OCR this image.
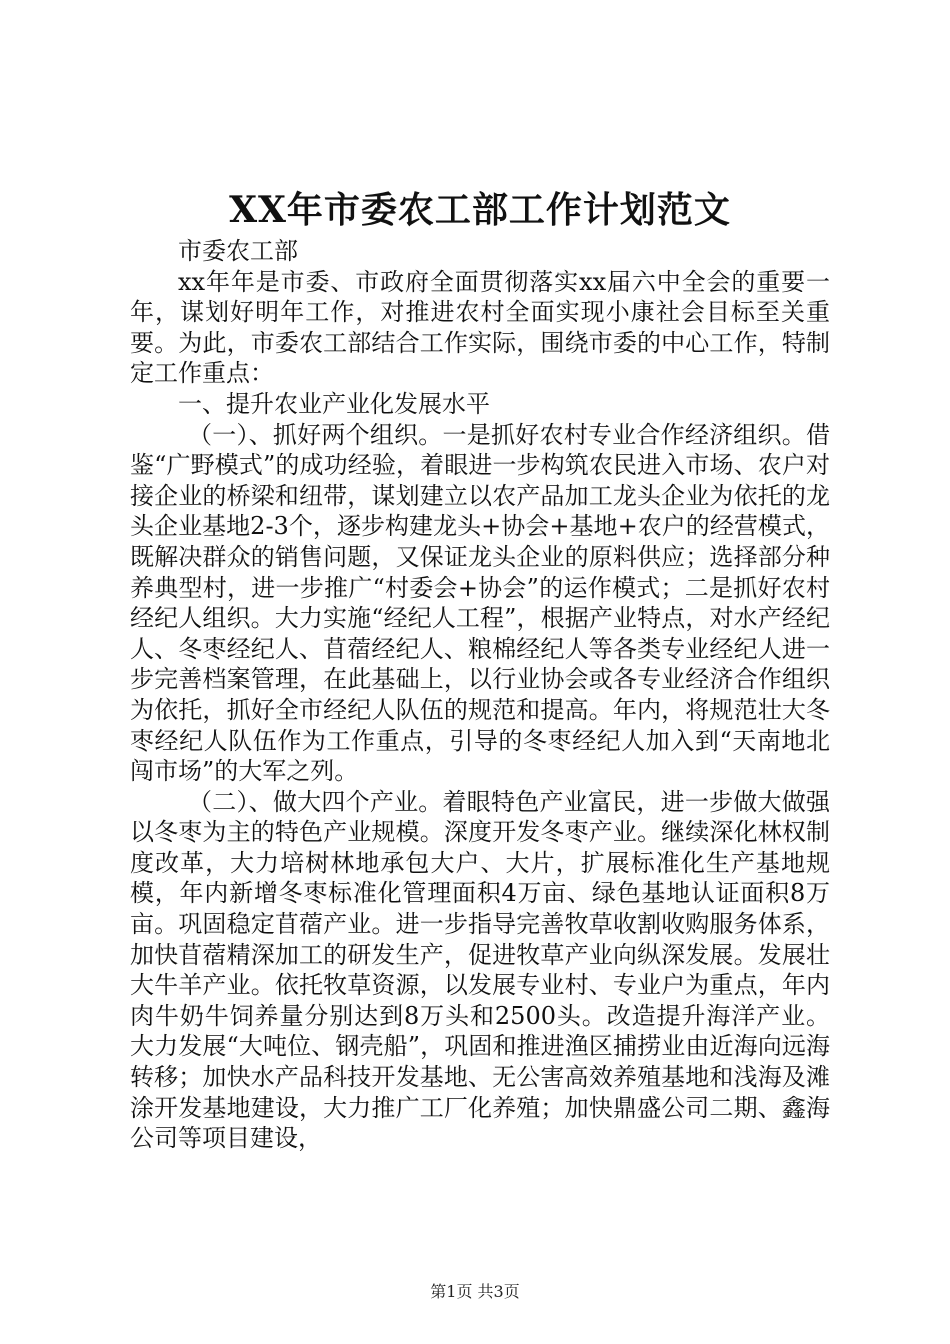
XX年市委农工部工作计划范文

市委农工部

xx年年是市委、市政府全面贯彻落实xx届六中全会的重要一年，谋划好明年工作，对推进农村全面实现小康社会目标至关重要。为此，市委农工部结合工作实际，围绕市委的中心工作，特制定工作重点：

一、提升农业产业化发展水平

（一）、抓好两个组织。一是抓好农村专业合作经济组织。借鉴“广野模式”的成功经验，着眼进一步构筑农民进入市场、农户对接企业的桥梁和纽带，谋划建立以农产品加工龙头企业为依托的龙头企业基地2-3个，逐步构建龙头+协会+基地+农户的经营模式，既解决群众的销售问题，又保证龙头企业的原料供应；选择部分种养典型村，进一步推广“村委会+协会”的运作模式；二是抓好农村经纪人组织。大力实施“经纪人工程”，根据产业特点，对水产经纪人、冬枣经纪人、苜蓿经纪人、粮棉经纪人等各类专业经纪人进一步完善档案管理，在此基础上，以行业协会或各专业经济合作组织为依托，抓好全市经纪人队伍的规范和提高。年内，将规范壮大冬枣经纪人队伍作为工作重点，引导的冬枣经纪人加入到“天南地北闯市场”的大军之列。

（二）、做大四个产业。着眼特色产业富民，进一步做大做强以冬枣为主的特色产业规模。深度开发冬枣产业。继续深化林权制度改革，大力培树林地承包大户、大片，扩展标准化生产基地规模，年内新增冬枣标准化管理面积4万亩、绿色基地认证面积8万亩。巩固稳定苜蓿产业。进一步指导完善牧草收割收购服务体系，加快苜蓿精深加工的研发生产，促进牧草产业向纵深发展。发展壮大牛羊产业。依托牧草资源，以发展专业村、专业户为重点，年内肉牛奶牛饲养量分别达到8万头和2500头。改造提升海洋产业。大力发展“大吨位、钢壳船”，巩固和推进渔区捕捞业由近海向远海转移；加快水产品科技开发基地、无公害高效养殖基地和浅海及滩涂开发基地建设，大力推广工厂化养殖；加快鼎盛公司二期、鑫海公司等项目建设，

第1页 共3页
